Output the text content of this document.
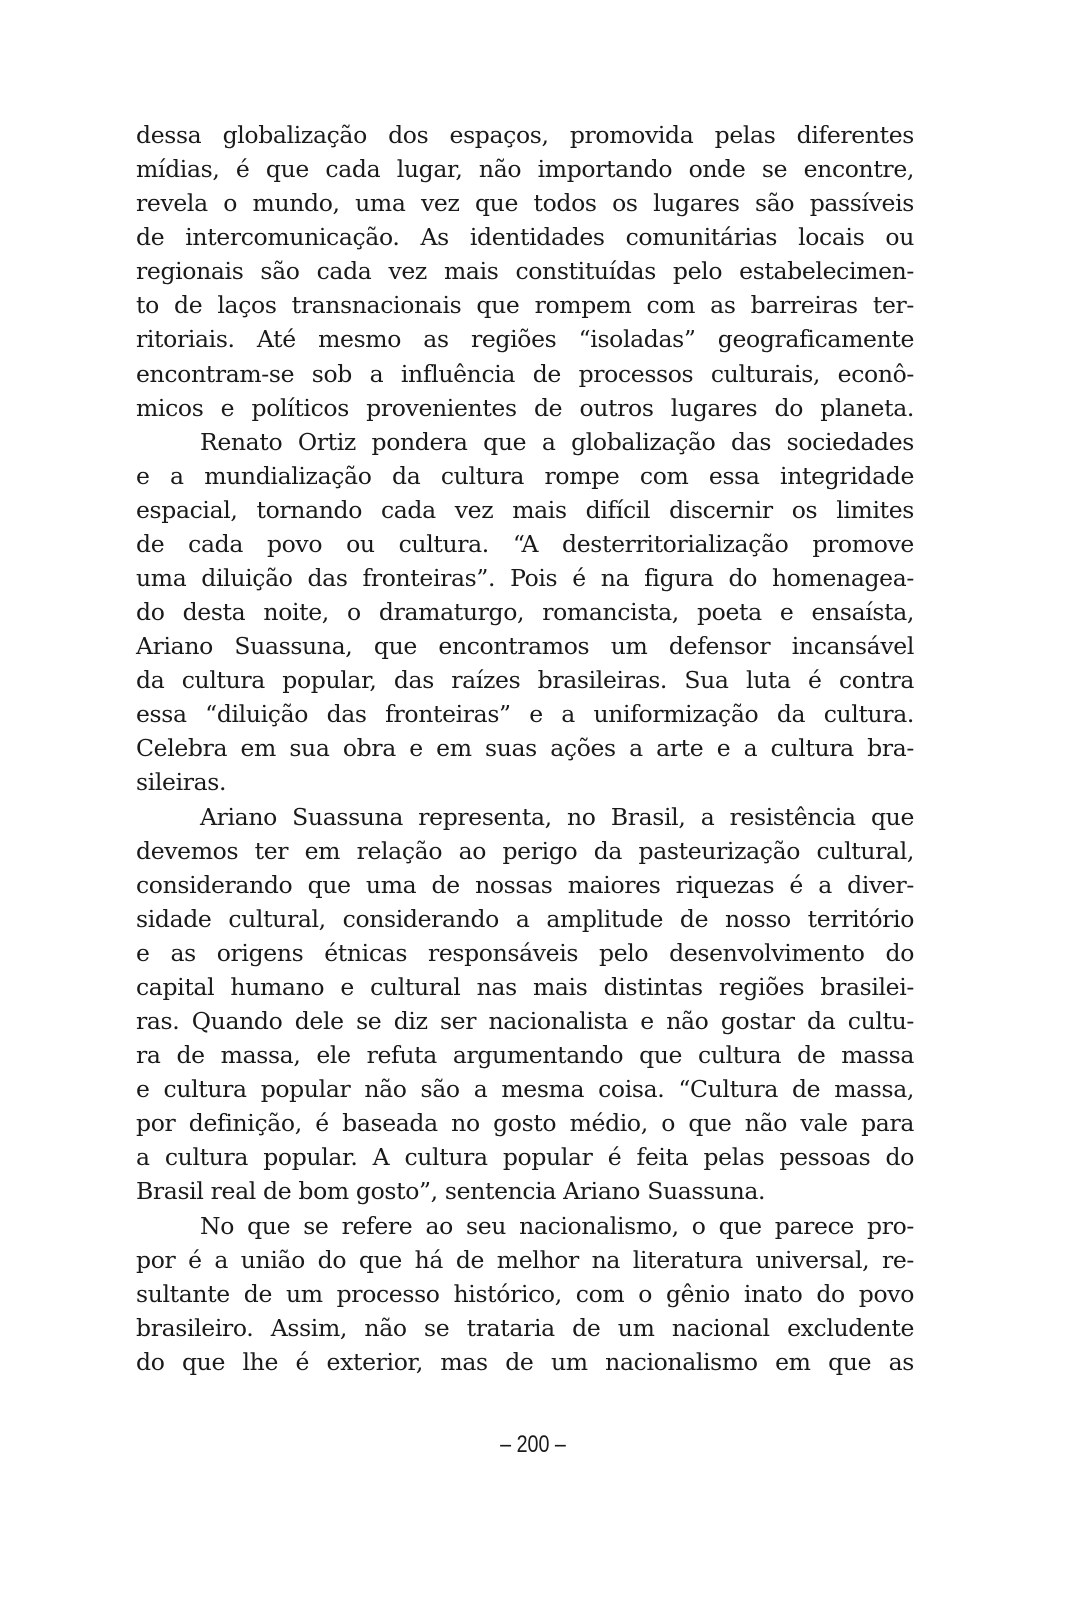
dessa globalização dos espaços, promovida pelas diferentes
mídias, é que cada lugar, não importando onde se encontre,
revela o mundo, uma vez que todos os lugares são passíveis
de intercomunicação. As identidades comunitárias locais ou
regionais são cada vez mais constituídas pelo estabelecimen-
to de laços transnacionais que rompem com as barreiras ter-
ritoriais. Até mesmo as regiões “isoladas” geograficamente
encontram-se sob a influência de processos culturais, econô-
micos e políticos provenientes de outros lugares do planeta.
Renato Ortiz pondera que a globalização das sociedades
e a mundialização da cultura rompe com essa integridade
espacial, tornando cada vez mais difícil discernir os limites
de cada povo ou cultura. “A desterritorialização promove
uma diluição das fronteiras”. Pois é na figura do homenagea-
do desta noite, o dramaturgo, romancista, poeta e ensaísta,
Ariano Suassuna, que encontramos um defensor incansável
da cultura popular, das raízes brasileiras. Sua luta é contra
essa “diluição das fronteiras” e a uniformização da cultura.
Celebra em sua obra e em suas ações a arte e a cultura bra-
sileiras.
Ariano Suassuna representa, no Brasil, a resistência que
devemos ter em relação ao perigo da pasteurização cultural,
considerando que uma de nossas maiores riquezas é a diver-
sidade cultural, considerando a amplitude de nosso território
e as origens étnicas responsáveis pelo desenvolvimento do
capital humano e cultural nas mais distintas regiões brasilei-
ras. Quando dele se diz ser nacionalista e não gostar da cultu-
ra de massa, ele refuta argumentando que cultura de massa
e cultura popular não são a mesma coisa. “Cultura de massa,
por definição, é baseada no gosto médio, o que não vale para
a cultura popular. A cultura popular é feita pelas pessoas do
Brasil real de bom gosto”, sentencia Ariano Suassuna.
No que se refere ao seu nacionalismo, o que parece pro-
por é a união do que há de melhor na literatura universal, re-
sultante de um processo histórico, com o gênio inato do povo
brasileiro. Assim, não se trataria de um nacional excludente
do que lhe é exterior, mas de um nacionalismo em que as
– 200 –
